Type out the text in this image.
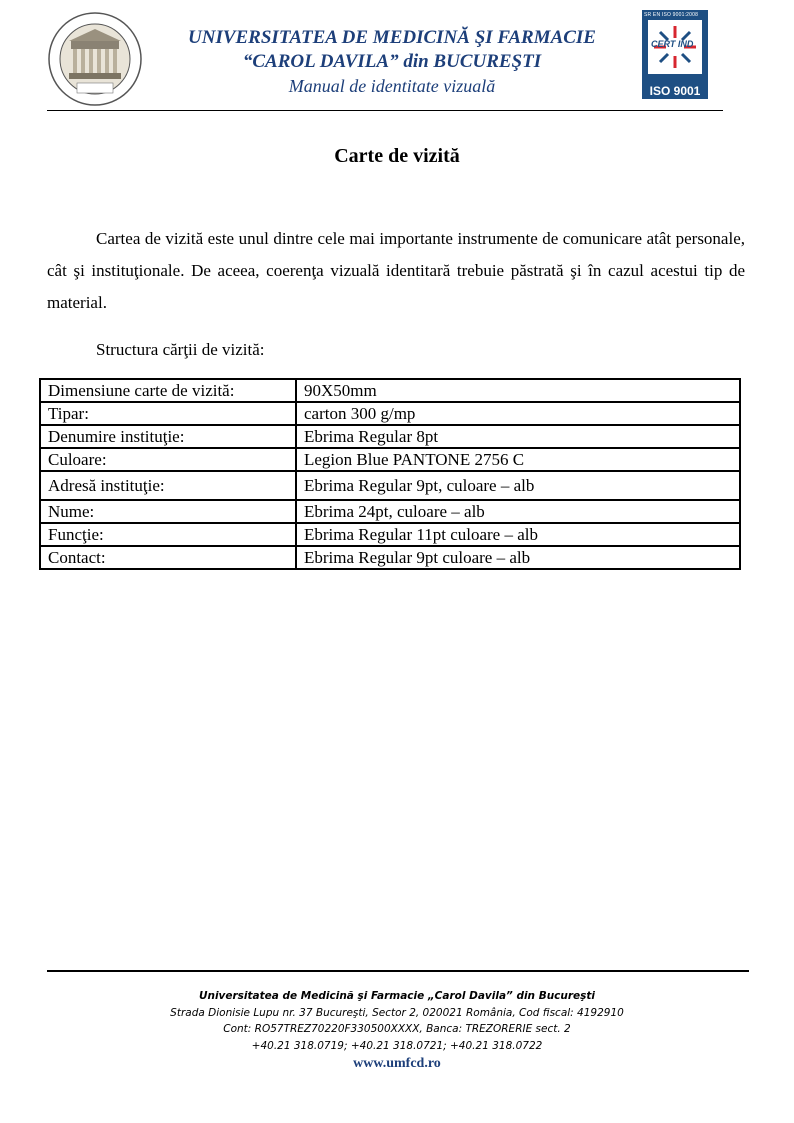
UNIVERSITATEA DE MEDICINĂ ŞI FARMACIE
“CAROL DAVILA” din BUCUREŞTI
Manual de identitate vizuală
SR EN ISO 9001:2008
CERT IND
ISO 9001
Carte de vizită

Cartea de vizită este unul dintre cele mai importante instrumente de comunicare atât personale, cât şi instituţionale. De aceea, coerenţa vizuală identitară trebuie păstrată şi în cazul acestui tip de material.

Structura cărţii de vizită:
Dimensiune carte de vizită:	90X50mm
Tipar:	carton 300 g/mp
Denumire instituţie:	Ebrima Regular 8pt
Culoare:	Legion Blue PANTONE 2756 C
Adresă instituţie:	Ebrima Regular 9pt, culoare – alb
Nume:	Ebrima 24pt, culoare – alb
Funcţie:	Ebrima Regular 11pt culoare – alb
Contact:	Ebrima Regular 9pt culoare – alb
Universitatea de Medicină şi Farmacie „Carol Davila” din Bucureşti
Strada Dionisie Lupu nr. 37 Bucureşti, Sector 2, 020021 România, Cod fiscal: 4192910
Cont: RO57TREZ70220F330500XXXX, Banca: TREZORERIE sect. 2
+40.21 318.0719; +40.21 318.0721; +40.21 318.0722
www.umfcd.ro
